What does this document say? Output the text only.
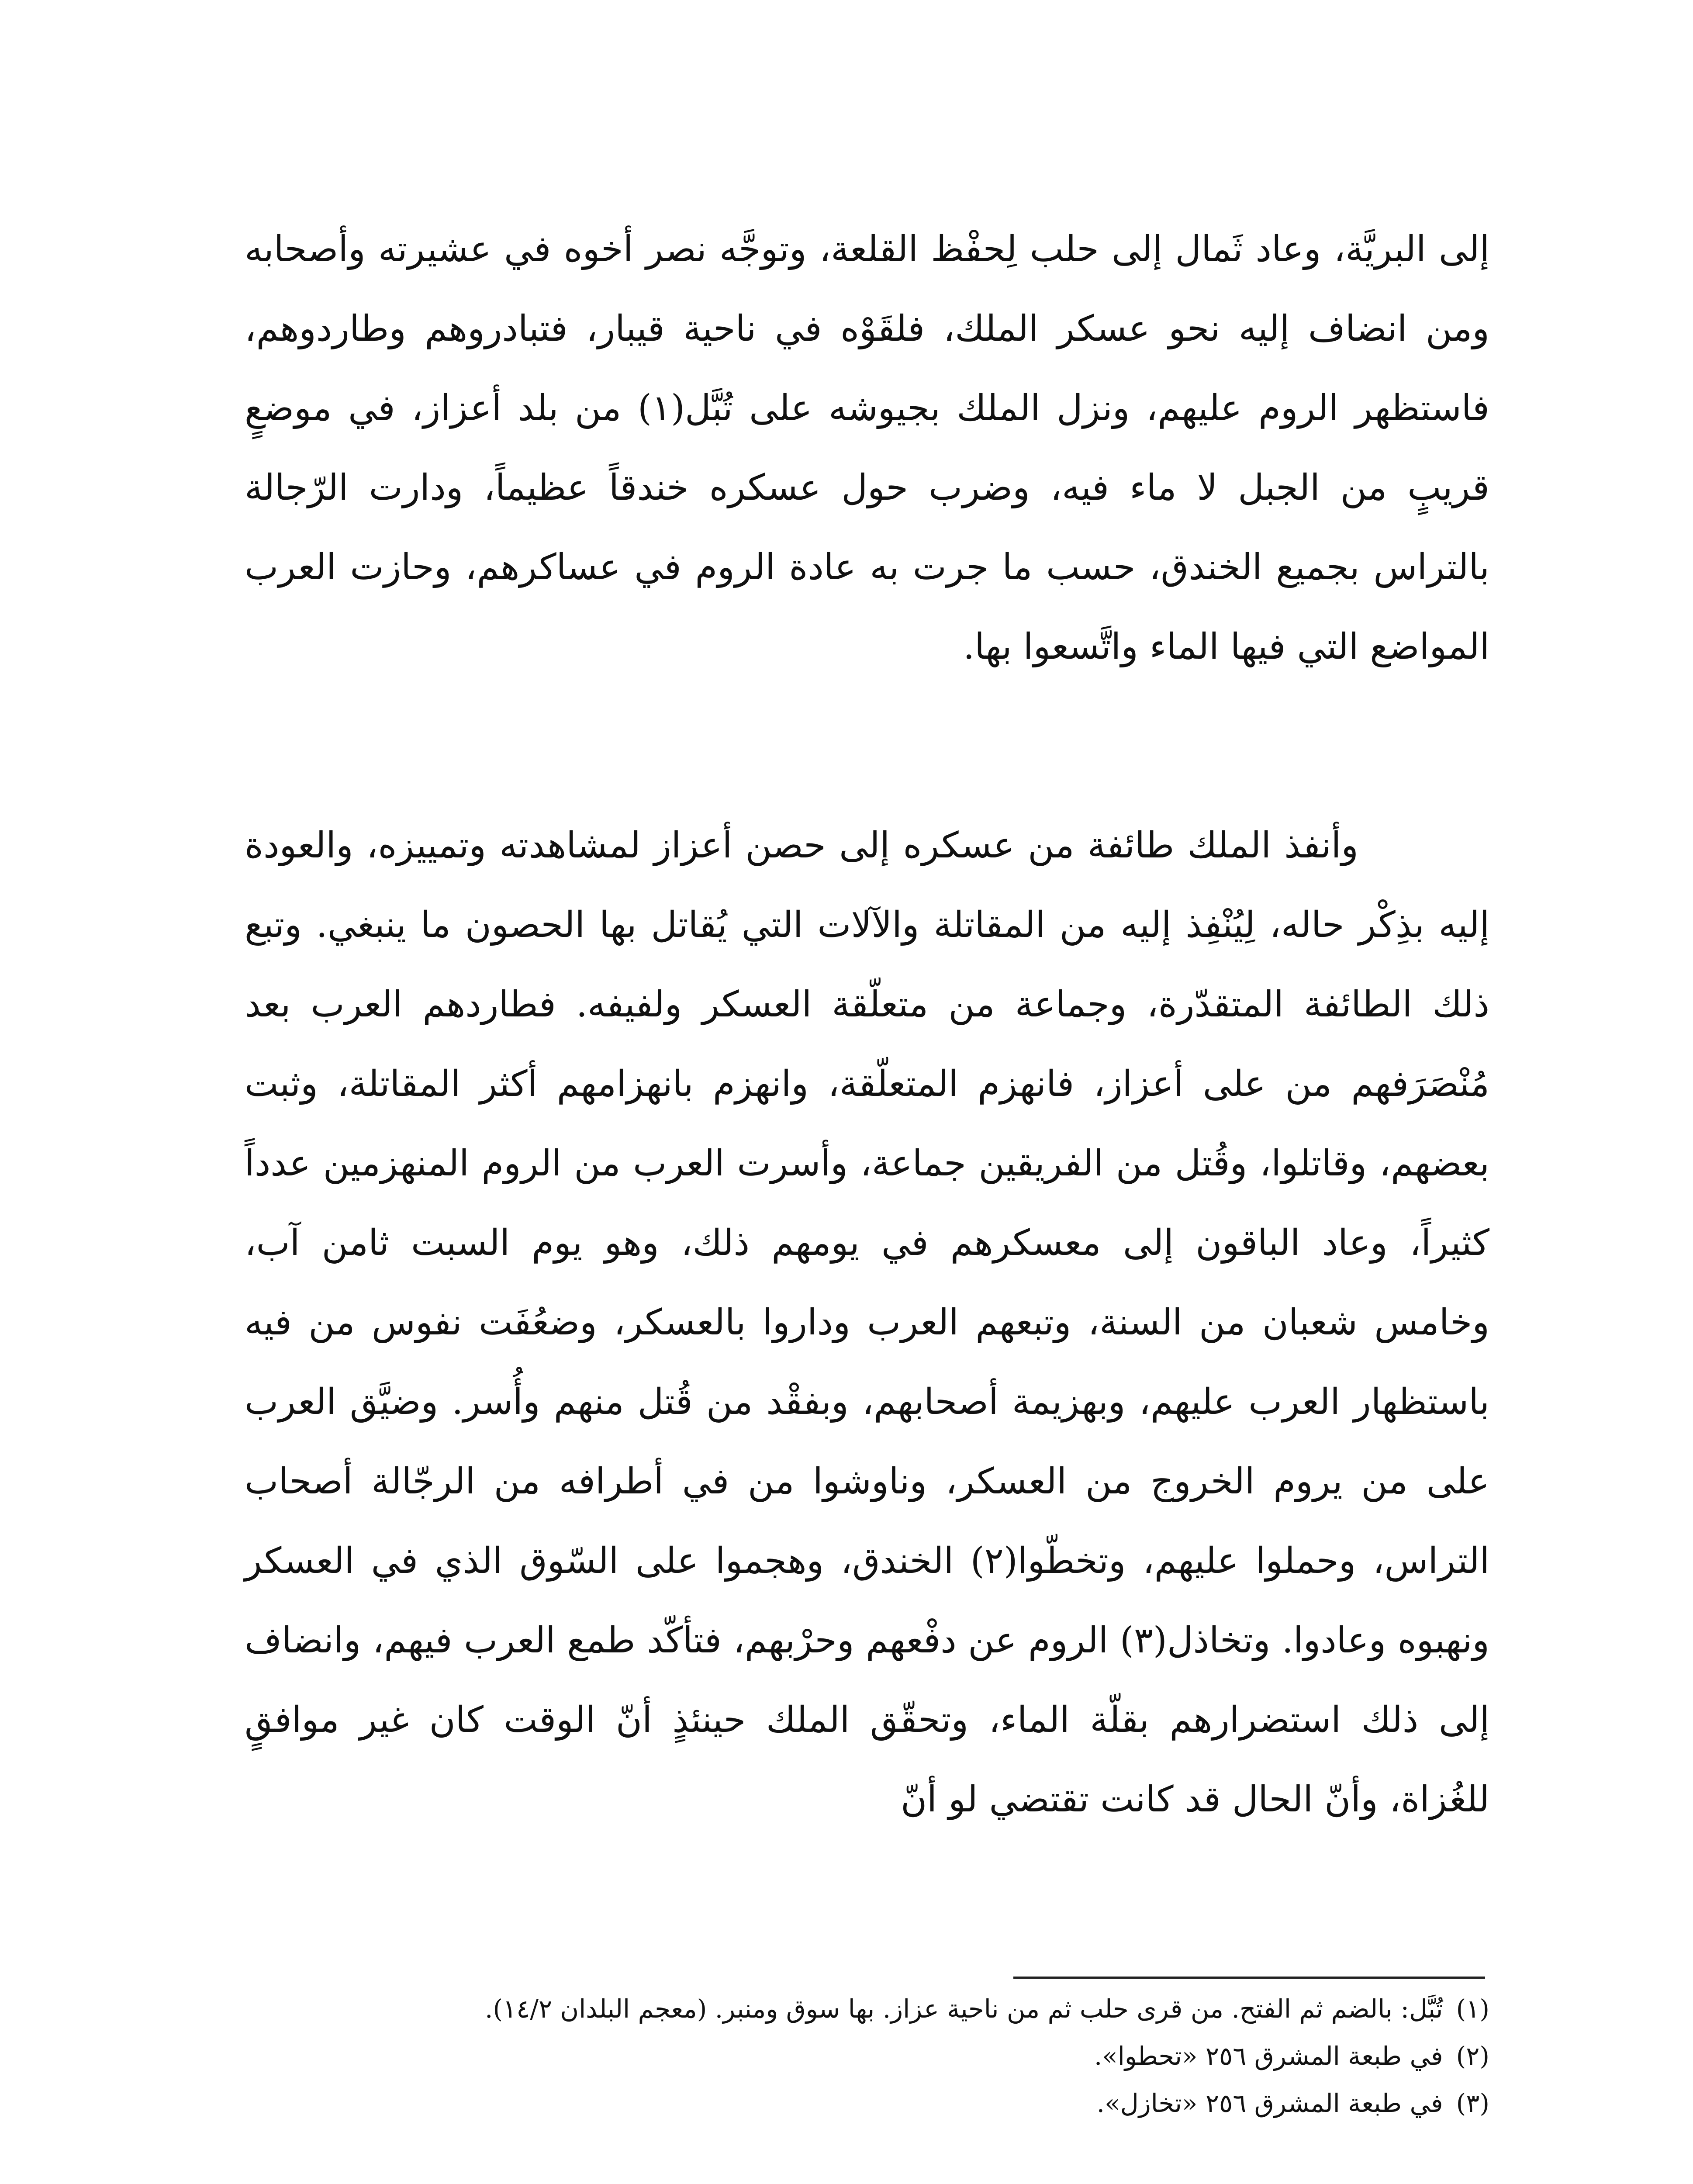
إلى البريَّة، وعاد ثَمال إلى حلب لِحفْظ القلعة، وتوجَّه نصر أخوه في عشيرته وأصحابه ومن انضاف إليه نحو عسكر الملك، فلقَوْه في ناحية قيبار، فتبادروهم وطاردوهم، فاستظهر الروم عليهم، ونزل الملك بجيوشه على تُبَّل(١) من بلد أعزاز، في موضعٍ قريبٍ من الجبل لا ماء فيه، وضرب حول عسكره خندقاً عظيماً، ودارت الرّجالة بالتراس بجميع الخندق، حسب ما جرت به عادة الروم في عساكرهم، وحازت العرب المواضع التي فيها الماء واتَّسعوا بها.

وأنفذ الملك طائفة من عسكره إلى حصن أعزاز لمشاهدته وتمييزه، والعودة إليه بذِكْر حاله، لِيُنْفِذ إليه من المقاتلة والآلات التي يُقاتل بها الحصون ما ينبغي. وتبع ذلك الطائفة المتقدّرة، وجماعة من متعلّقة العسكر ولفيفه. فطاردهم العرب بعد مُنْصَرَفهم من على أعزاز، فانهزم المتعلّقة، وانهزم بانهزامهم أكثر المقاتلة، وثبت بعضهم، وقاتلوا، وقُتل من الفريقين جماعة، وأسرت العرب من الروم المنهزمين عدداً كثيراً، وعاد الباقون إلى معسكرهم في يومهم ذلك، وهو يوم السبت ثامن آب، وخامس شعبان من السنة، وتبعهم العرب وداروا بالعسكر، وضعُفَت نفوس من فيه باستظهار العرب عليهم، وبهزيمة أصحابهم، وبفقْد من قُتل منهم وأُسر. وضيَّق العرب على من يروم الخروج من العسكر، وناوشوا من في أطرافه من الرجّالة أصحاب التراس، وحملوا عليهم، وتخطّوا(٢) الخندق، وهجموا على السّوق الذي في العسكر ونهبوه وعادوا. وتخاذل(٣) الروم عن دفْعهم وحرْبهم، فتأكّد طمع العرب فيهم، وانضاف إلى ذلك استضرارهم بقلّة الماء، وتحقّق الملك حينئذٍ أنّ الوقت كان غير موافقٍ للغُزاة، وأنّ الحال قد كانت تقتضي لو أنّ

(١)تُبَّل: بالضم ثم الفتح. من قرى حلب ثم من ناحية عزاز. بها سوق ومنبر. (معجم البلدان ١٤/٢).

(٢)في طبعة المشرق ٢٥٦ «تحطوا».

(٣)في طبعة المشرق ٢٥٦ «تخازل».
